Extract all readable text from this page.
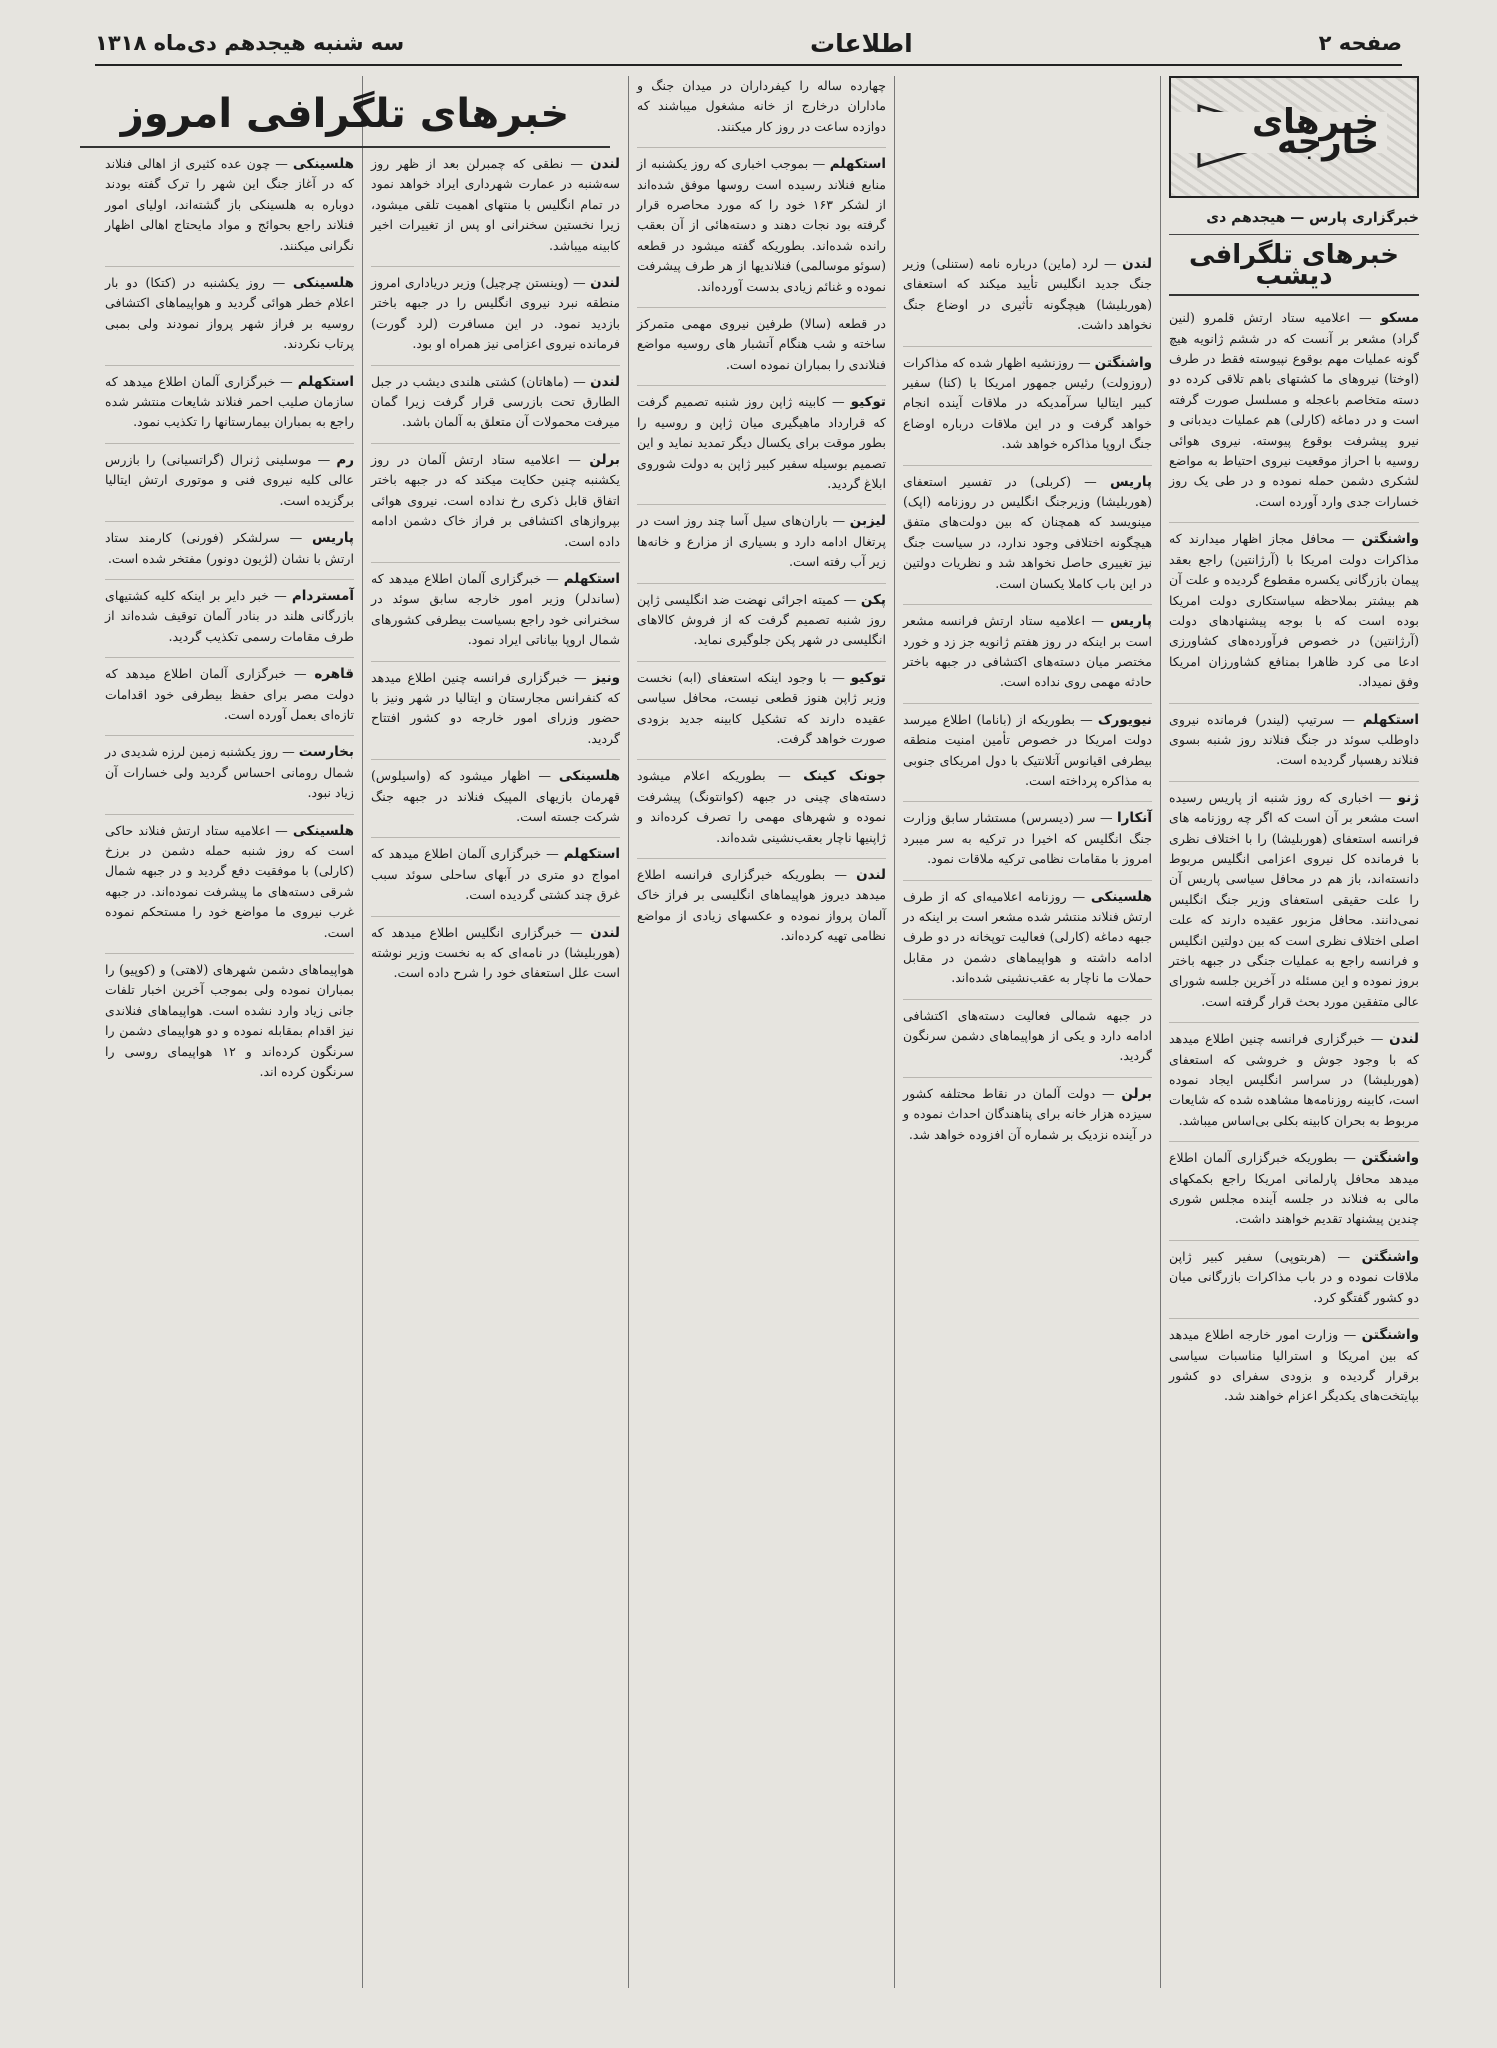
صفحه ۲
اطلاعات
سه شنبه هیجدهم دی‌ماه ۱۳۱۸
خبرهای خارجه
خبرگزاری پارس — هیجدهم دی
خبرهای تلگرافی دیشب

مسکو — اعلامیه ستاد ارتش قلمرو (لنین گراد) مشعر بر آنست که در ششم ژانویه هیچ گونه عملیات مهم بوقوع نپیوسته فقط در طرف (اوختا) نیروهای ما کشتهای باهم تلاقی کرده دو دسته متخاصم باعجله و مسلسل صورت گرفته است و در دماغه (کارلی) هم عملیات دیدبانی و نیرو پیشرفت بوقوع پیوسته. نیروی هوائی روسیه با احراز موقعیت نیروی احتیاط به مواضع لشکری دشمن حمله نموده و در طی یک روز خسارات جدی وارد آورده است.

واشنگتن — محافل مجاز اظهار میدارند که مذاکرات دولت امریکا با (آرژانتین) راجع بعقد پیمان بازرگانی یکسره مقطوع گردیده و علت آن هم بیشتر بملاحظه سیاستکاری دولت امریکا بوده است که با بوجه پیشنهادهای دولت (آرژانتین) در خصوص فرآورده‌های کشاورزی ادعا می کرد ظاهرا بمنافع کشاورزان امریکا وفق نمیداد.

استکهلم — سرتیپ (لیندر) فرمانده نیروی داوطلب سوئد در جنگ فنلاند روز شنبه بسوی فنلاند رهسپار گردیده است.

ژنو — اخباری که روز شنبه از پاریس رسیده است مشعر بر آن است که اگر چه روزنامه های فرانسه استعفای (هوربلیشا) را با اختلاف نظری با فرمانده کل نیروی اعزامی انگلیس مربوط دانسته‌اند، باز هم در محافل سیاسی پاریس آن را علت حقیقی استعفای وزیر جنگ انگلیس نمی‌دانند. محافل مزبور عقیده دارند که علت اصلی اختلاف نظری است که بین دولتین انگلیس و فرانسه راجع به عملیات جنگی در جبهه باختر بروز نموده و این مسئله در آخرین جلسه شورای عالی متفقین مورد بحث قرار گرفته است.

لندن — خبرگزاری فرانسه چنین اطلاع میدهد که با وجود جوش و خروشی که استعفای (هوربلیشا) در سراسر انگلیس ایجاد نموده است، کابینه روزنامه‌ها مشاهده شده که شایعات مربوط به بحران کابینه بکلی بی‌اساس میباشد.

واشنگتن — بطوریکه خبرگزاری آلمان اطلاع میدهد محافل پارلمانی امریکا راجع بکمکهای مالی به فنلاند در جلسه آینده مجلس شوری چندین پیشنهاد تقدیم خواهند داشت.

واشنگتن — (هربتوپی) سفیر کبیر ژاپن ملاقات نموده و در باب مذاکرات بازرگانی میان دو کشور گفتگو کرد.

واشنگتن — وزارت امور خارجه اطلاع میدهد که بین امریکا و استرالیا مناسبات سیاسی برقرار گردیده و بزودی سفرای دو کشور بپایتخت‌های یکدیگر اعزام خواهند شد.

لندن — لرد (ماین) درباره نامه (ستنلی) وزیر جنگ جدید انگلیس تأیید میکند که استعفای (هوربلیشا) هیچگونه تأثیری در اوضاع جنگ نخواهد داشت.

واشنگتن — روزنشیه اظهار شده که مذاکرات (روزولت) رئیس جمهور امریکا با (کنا) سفیر کبیر ایتالیا سرآمدیکه در ملاقات آینده انجام خواهد گرفت و در این ملاقات درباره اوضاع جنگ اروپا مذاکره خواهد شد.

پاریس — (کربلی) در تفسیر استعفای (هوربلیشا) وزیرجنگ انگلیس در روزنامه (اپک) مینویسد که همچنان که بین دولت‌های متفق هیچگونه اختلافی وجود ندارد، در سیاست جنگ نیز تغییری حاصل نخواهد شد و نظریات دولتین در این باب کاملا یکسان است.

پاریس — اعلامیه ستاد ارتش فرانسه مشعر است بر اینکه در روز هفتم ژانویه جز زد و خورد مختصر میان دسته‌های اکتشافی در جبهه باختر حادثه مهمی روی نداده است.

نیویورک — بطوریکه از (باناما) اطلاع میرسد دولت امریکا در خصوص تأمین امنیت منطقه بیطرفی اقیانوس آتلانتیک با دول امریکای جنوبی به مذاکره پرداخته است.

آنکارا — سر (دیسرس) مستشار سابق وزارت جنگ انگلیس که اخیرا در ترکیه به سر میبرد امروز با مقامات نظامی ترکیه ملاقات نمود.

هلسینکی — روزنامه اعلامیه‌ای که از طرف ارتش فنلاند منتشر شده مشعر است بر اینکه در جبهه دماغه (کارلی) فعالیت توپخانه در دو طرف ادامه داشته و هواپیماهای دشمن در مقابل حملات ما ناچار به عقب‌نشینی شده‌اند.

در جبهه شمالی فعالیت دسته‌های اکتشافی ادامه دارد و یکی از هواپیماهای دشمن سرنگون گردید.

برلن — دولت آلمان در نقاط محتلفه کشور سیزده هزار خانه برای پناهندگان احداث نموده و در آینده نزدیک بر شماره آن افزوده خواهد شد.

چهارده ساله را کیفرداران در میدان جنگ و ماداران درخارج از خانه مشغول میباشند که دوازده ساعت در روز کار میکنند.

استکهلم — بموجب اخباری که روز یکشنبه از منابع فنلاند رسیده است روسها موفق شده‌اند از لشکر ۱۶۳ خود را که مورد محاصره قرار گرفته بود نجات دهند و دسته‌هائی از آن بعقب رانده شده‌اند. بطوریکه گفته میشود در قطعه (سوئو موسالمی) فنلاندیها از هر طرف پیشرفت نموده و غنائم زیادی بدست آورده‌اند.

در قطعه (سالا) طرفین نیروی مهمی متمرکز ساخته و شب هنگام آتشبار های روسیه مواضع فنلاندی را بمباران نموده است.

توکیو — کابینه ژاپن روز شنبه تصمیم گرفت که قرارداد ماهیگیری میان ژاپن و روسیه را بطور موقت برای یکسال دیگر تمدید نماید و این تصمیم بوسیله سفیر کبیر ژاپن به دولت شوروی ابلاغ گردید.

لیزبن — باران‌های سیل آسا چند روز است در پرتغال ادامه دارد و بسیاری از مزارع و خانه‌ها زیر آب رفته است.

پکن — کمیته اجرائی نهضت ضد انگلیسی ژاپن روز شنبه تصمیم گرفت که از فروش کالاهای انگلیسی در شهر پکن جلوگیری نماید.

توکیو — با وجود اینکه استعفای (ابه) نخست وزیر ژاپن هنوز قطعی نیست، محافل سیاسی عقیده دارند که تشکیل کابینه جدید بزودی صورت خواهد گرفت.

جونک کینک — بطوریکه اعلام میشود دسته‌های چینی در جبهه (کوانتونگ) پیشرفت نموده و شهرهای مهمی را تصرف کرده‌اند و ژاپنیها ناچار بعقب‌نشینی شده‌اند.

لندن — بطوریکه خبرگزاری فرانسه اطلاع میدهد دیروز هواپیماهای انگلیسی بر فراز خاک آلمان پرواز نموده و عکسهای زیادی از مواضع نظامی تهیه کرده‌اند.

لندن — نطقی که چمبرلن بعد از ظهر روز سه‌شنبه در عمارت شهرداری ایراد خواهد نمود در تمام انگلیس با منتهای اهمیت تلقی میشود، زیرا نخستین سخنرانی او پس از تغییرات اخیر کابینه میباشد.

لندن — (وینستن چرچیل) وزیر دریاداری امروز منطقه نبرد نیروی انگلیس را در جبهه باختر بازدید نمود. در این مسافرت (لرد گورت) فرمانده نیروی اعزامی نیز همراه او بود.

لندن — (ماهاتان) کشتی هلندی دیشب در جبل الطارق تحت بازرسی قرار گرفت زیرا گمان میرفت محمولات آن متعلق به آلمان باشد.

برلن — اعلامیه ستاد ارتش آلمان در روز یکشنبه چنین حکایت میکند که در جبهه باختر اتفاق قابل ذکری رخ نداده است. نیروی هوائی بپروازهای اکتشافی بر فراز خاک دشمن ادامه داده است.

استکهلم — خبرگزاری آلمان اطلاع میدهد که (ساندلر) وزیر امور خارجه سابق سوئد در سخنرانی خود راجع بسیاست بیطرفی کشورهای شمال اروپا بیاناتی ایراد نمود.

ونیز — خبرگزاری فرانسه چنین اطلاع میدهد که کنفرانس مجارستان و ایتالیا در شهر ونیز با حضور وزرای امور خارجه دو کشور افتتاح گردید.

هلسینکی — اظهار میشود که (واسیلوس) قهرمان بازیهای المپیک فنلاند در جبهه جنگ شرکت جسته است.

استکهلم — خبرگزاری آلمان اطلاع میدهد که امواج دو متری در آبهای ساحلی سوئد سبب غرق چند کشتی گردیده است.

لندن — خبرگزاری انگلیس اطلاع میدهد که (هوربلیشا) در نامه‌ای که به نخست وزیر نوشته است علل استعفای خود را شرح داده است.

هلسینکی — چون عده کثیری از اهالی فنلاند که در آغاز جنگ این شهر را ترک گفته بودند دوباره به هلسینکی باز گشته‌اند، اولیای امور فنلاند راجع بحوائج و مواد مایحتاج اهالی اظهار نگرانی میکنند.

هلسینکی — روز یکشنبه در (کتکا) دو بار اعلام خطر هوائی گردید و هواپیماهای اکتشافی روسیه بر فراز شهر پرواز نمودند ولی بمبی پرتاب نکردند.

استکهلم — خبرگزاری آلمان اطلاع میدهد که سازمان صلیب احمر فنلاند شایعات منتشر شده راجع به بمباران بیمارستانها را تکذیب نمود.

رم — موسلینی ژنرال (گراتسیانی) را بازرس عالی کلیه نیروی فنی و موتوری ارتش ایتالیا برگزیده است.

پاریس — سرلشکر (فورنی) کارمند ستاد ارتش با نشان (لژیون دونور) مفتخر شده است.

آمستردام — خبر دایر بر اینکه کلیه کشتیهای بازرگانی هلند در بنادر آلمان توقیف شده‌اند از طرف مقامات رسمی تکذیب گردید.

قاهره — خبرگزاری آلمان اطلاع میدهد که دولت مصر برای حفظ بیطرفی خود اقدامات تازه‌ای بعمل آورده است.

بخارست — روز یکشنبه زمین لرزه شدیدی در شمال رومانی احساس گردید ولی خسارات آن زیاد نبود.

هلسینکی — اعلامیه ستاد ارتش فنلاند حاکی است که روز شنبه حمله دشمن در برزخ (کارلی) با موفقیت دفع گردید و در جبهه شمال شرقی دسته‌های ما پیشرفت نموده‌اند. در جبهه غرب نیروی ما مواضع خود را مستحکم نموده است.

هواپیماهای دشمن شهرهای (لاهتی) و (کوپیو) را بمباران نموده ولی بموجب آخرین اخبار تلفات جانی زیاد وارد نشده است. هواپیماهای فنلاندی نیز اقدام بمقابله نموده و دو هواپیمای دشمن را سرنگون کرده‌اند و ۱۲ هواپیمای روسی را سرنگون کرده اند.

خبرهای تلگرافی امروز
